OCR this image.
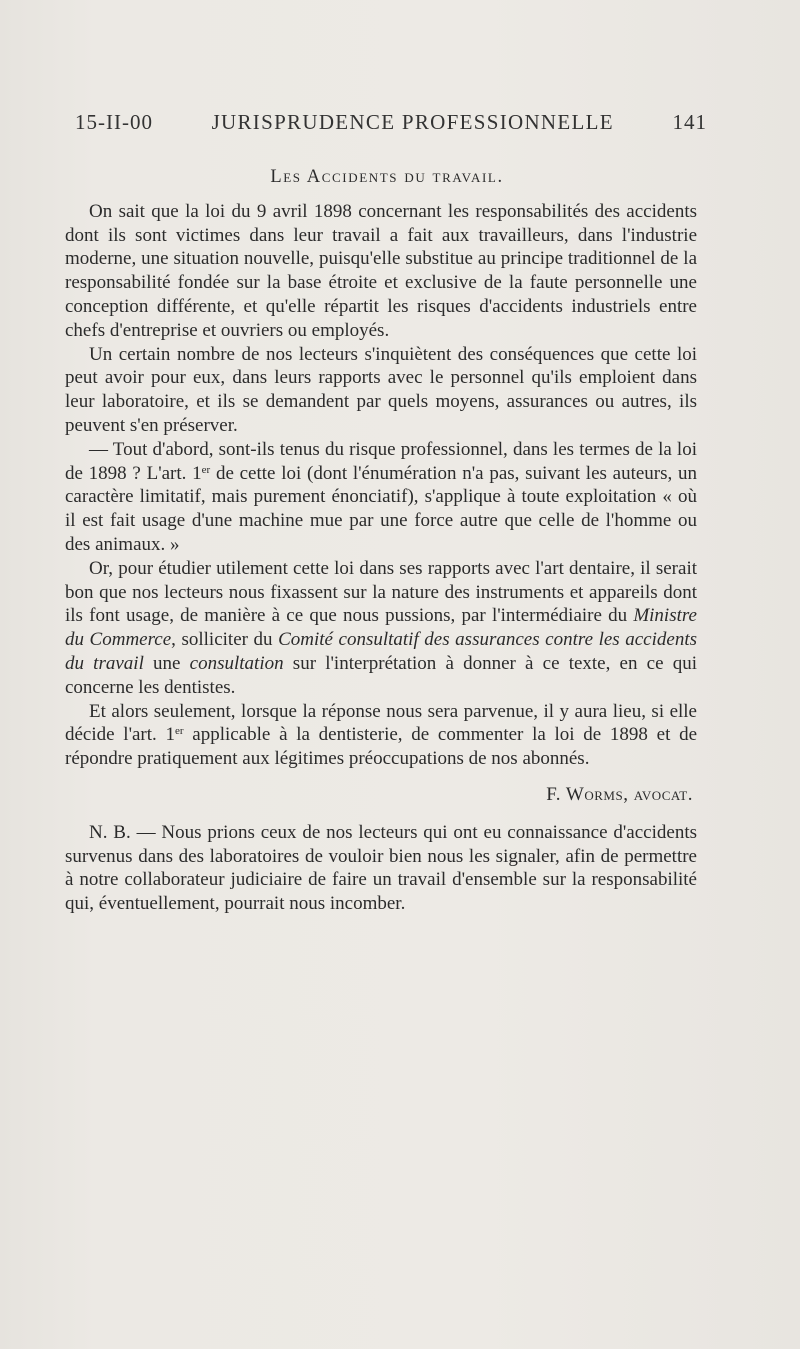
15-II-00	JURISPRUDENCE PROFESSIONNELLE	141
Les Accidents du travail.

On sait que la loi du 9 avril 1898 concernant les responsabilités des accidents dont ils sont victimes dans leur travail a fait aux travailleurs, dans l'industrie moderne, une situation nouvelle, puisqu'elle substitue au principe traditionnel de la responsabilité fondée sur la base étroite et exclusive de la faute personnelle une conception différente, et qu'elle répartit les risques d'accidents industriels entre chefs d'entreprise et ouvriers ou employés.

Un certain nombre de nos lecteurs s'inquiètent des conséquences que cette loi peut avoir pour eux, dans leurs rapports avec le personnel qu'ils emploient dans leur laboratoire, et ils se demandent par quels moyens, assurances ou autres, ils peuvent s'en préserver.

— Tout d'abord, sont-ils tenus du risque professionnel, dans les termes de la loi de 1898 ? L'art. 1er de cette loi (dont l'énumération n'a pas, suivant les auteurs, un caractère limitatif, mais purement énonciatif), s'applique à toute exploitation « où il est fait usage d'une machine mue par une force autre que celle de l'homme ou des animaux. »

Or, pour étudier utilement cette loi dans ses rapports avec l'art dentaire, il serait bon que nos lecteurs nous fixassent sur la nature des instruments et appareils dont ils font usage, de manière à ce que nous pussions, par l'intermédiaire du Ministre du Commerce, solliciter du Comité consultatif des assurances contre les accidents du travail une consultation sur l'interprétation à donner à ce texte, en ce qui concerne les dentistes.

Et alors seulement, lorsque la réponse nous sera parvenue, il y aura lieu, si elle décide l'art. 1er applicable à la dentisterie, de commenter la loi de 1898 et de répondre pratiquement aux légitimes préoccupations de nos abonnés.

F. Worms, avocat.

N. B. — Nous prions ceux de nos lecteurs qui ont eu connaissance d'accidents survenus dans des laboratoires de vouloir bien nous les signaler, afin de permettre à notre collaborateur judiciaire de faire un travail d'ensemble sur la responsabilité qui, éventuellement, pourrait nous incomber.
